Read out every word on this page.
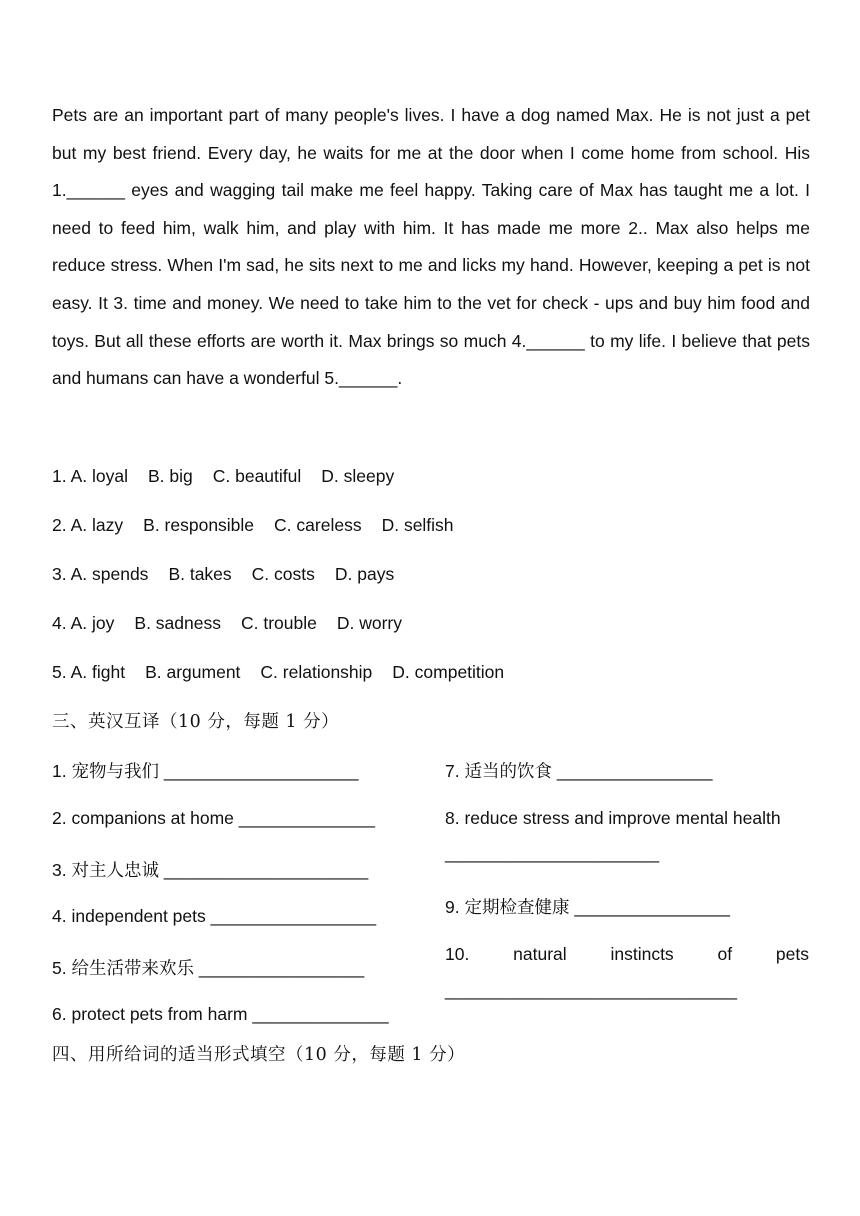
Pets are an important part of many people's lives. I have a dog named Max. He is not just a pet but my best friend. Every day, he waits for me at the door when I come home from school. His 1.______ eyes and wagging tail make me feel happy. Taking care of Max has taught me a lot. I need to feed him, walk him, and play with him. It has made me more 2.. Max also helps me reduce stress. When I'm sad, he sits next to me and licks my hand. However, keeping a pet is not easy. It 3. time and money. We need to take him to the vet for check - ups and buy him food and toys. But all these efforts are worth it. Max brings so much 4.______ to my life. I believe that pets and humans can have a wonderful 5.______.

1. A. loyal B. big C. beautiful D. sleepy
2. A. lazy B. responsible C. careless D. selfish
3. A. spends B. takes C. costs D. pays
4. A. joy B. sadness C. trouble D. worry
5. A. fight B. argument C. relationship D. competition
三、英汉互译（10 分，每题 1 分）
1. 宠物与我们 ____________________
2. companions at home ______________
3. 对主人忠诚 _____________________
4. independent pets _________________
5. 给生活带来欢乐 _________________
6. protect pets from harm ______________
7. 适当的饮食 ________________
8. reduce stress and improve mental health
______________________
9. 定期检查健康 ________________
10.	natural	instincts	of	pets
______________________________
四、用所给词的适当形式填空（10 分，每题 1 分）
